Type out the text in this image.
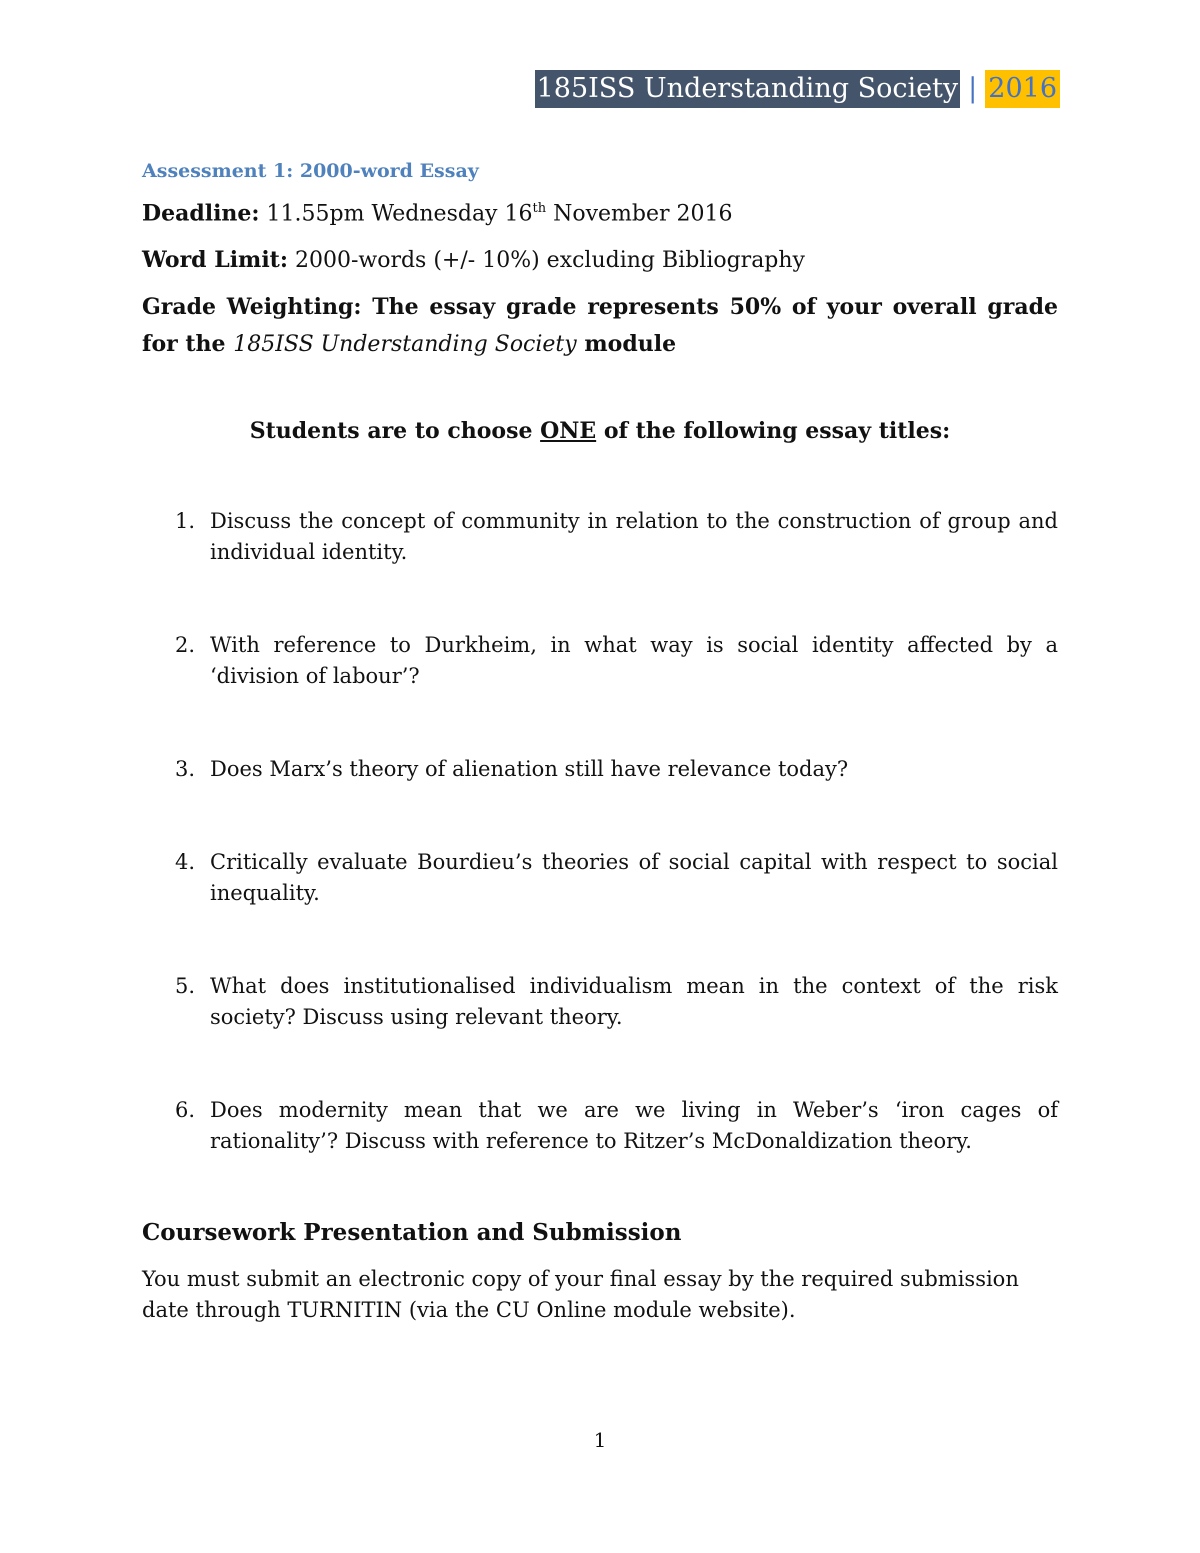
185ISS Understanding Society | 2016
Assessment 1: 2000-word Essay

Deadline: 11.55pm Wednesday 16th November 2016

Word Limit: 2000-words (+/- 10%) excluding Bibliography

Grade Weighting: The essay grade represents 50% of your overall grade for the 185ISS Understanding Society module

Students are to choose ONE of the following essay titles:
1. Discuss the concept of community in relation to the construction of group and individual identity.
2. With reference to Durkheim, in what way is social identity affected by a ‘division of labour’?
3. Does Marx’s theory of alienation still have relevance today?
4. Critically evaluate Bourdieu’s theories of social capital with respect to social inequality.
5. What does institutionalised individualism mean in the context of the risk society? Discuss using relevant theory.
6. Does modernity mean that we are we living in Weber’s ‘iron cages of rationality’? Discuss with reference to Ritzer’s McDonaldization theory.
Coursework Presentation and Submission

You must submit an electronic copy of your final essay by the required submission date through TURNITIN (via the CU Online module website).

1
